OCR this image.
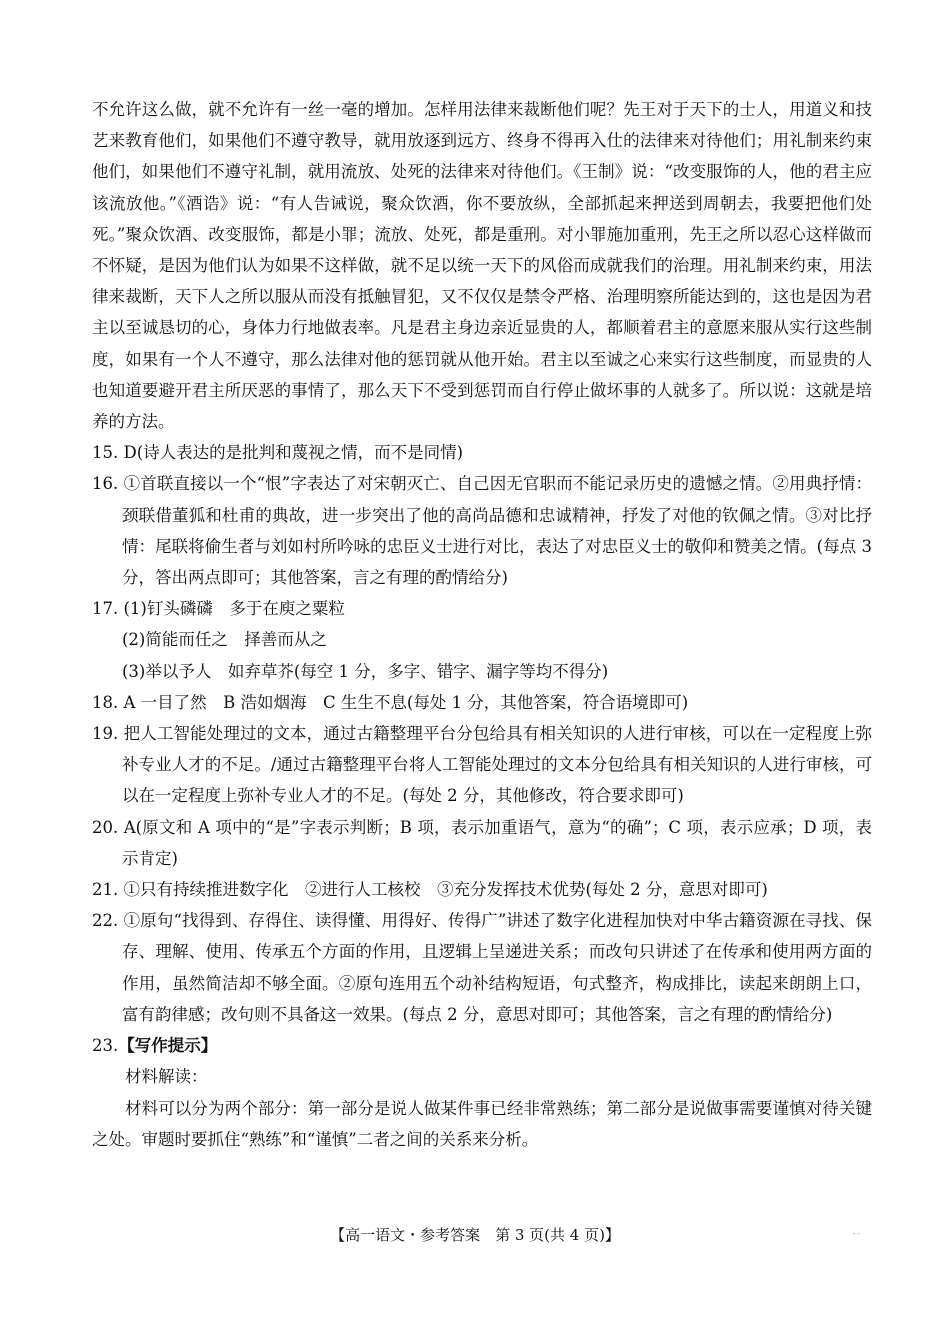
不允许这么做，就不允许有一丝一毫的增加。怎样用法律来裁断他们呢？先王对于天下的士人，用道义和技艺来教育他们，如果他们不遵守教导，就用放逐到远方、终身不得再入仕的法律来对待他们；用礼制来约束他们，如果他们不遵守礼制，就用流放、处死的法律来对待他们。《王制》说：“改变服饰的人，他的君主应该流放他。”《酒诰》说：“有人告诫说，聚众饮酒，你不要放纵，全部抓起来押送到周朝去，我要把他们处死。”聚众饮酒、改变服饰，都是小罪；流放、处死，都是重刑。对小罪施加重刑，先王之所以忍心这样做而不怀疑，是因为他们认为如果不这样做，就不足以统一天下的风俗而成就我们的治理。用礼制来约束，用法律来裁断，天下人之所以服从而没有抵触冒犯，又不仅仅是禁令严格、治理明察所能达到的，这也是因为君主以至诚恳切的心，身体力行地做表率。凡是君主身边亲近显贵的人，都顺着君主的意愿来服从实行这些制度，如果有一个人不遵守，那么法律对他的惩罚就从他开始。君主以至诚之心来实行这些制度，而显贵的人也知道要避开君主所厌恶的事情了，那么天下不受到惩罚而自行停止做坏事的人就多了。所以说：这就是培养的方法。

15. D(诗人表达的是批判和蔑视之情，而不是同情)

16. ①首联直接以一个“恨”字表达了对宋朝灭亡、自己因无官职而不能记录历史的遗憾之情。②用典抒情：颈联借董狐和杜甫的典故，进一步突出了他的高尚品德和忠诚精神，抒发了对他的钦佩之情。③对比抒情：尾联将偷生者与刘如村所吟咏的忠臣义士进行对比，表达了对忠臣义士的敬仰和赞美之情。(每点 3 分，答出两点即可；其他答案，言之有理的酌情给分)

17. (1)钉头磷磷　多于在庾之粟粒

(2)简能而任之　择善而从之

(3)举以予人　如弃草芥(每空 1 分，多字、错字、漏字等均不得分)

18. A 一目了然　B 浩如烟海　C 生生不息(每处 1 分，其他答案，符合语境即可)

19. 把人工智能处理过的文本，通过古籍整理平台分包给具有相关知识的人进行审核，可以在一定程度上弥补专业人才的不足。/通过古籍整理平台将人工智能处理过的文本分包给具有相关知识的人进行审核，可以在一定程度上弥补专业人才的不足。(每处 2 分，其他修改，符合要求即可)

20. A(原文和 A 项中的“是”字表示判断；B 项，表示加重语气，意为“的确”；C 项，表示应承；D 项，表示肯定)

21. ①只有持续推进数字化　②进行人工核校　③充分发挥技术优势(每处 2 分，意思对即可)

22. ①原句“找得到、存得住、读得懂、用得好、传得广”讲述了数字化进程加快对中华古籍资源在寻找、保存、理解、使用、传承五个方面的作用，且逻辑上呈递进关系；而改句只讲述了在传承和使用两方面的作用，虽然简洁却不够全面。②原句连用五个动补结构短语，句式整齐，构成排比，读起来朗朗上口，富有韵律感；改句则不具备这一效果。(每点 2 分，意思对即可；其他答案，言之有理的酌情给分)

23.【写作提示】

材料解读：

材料可以分为两个部分：第一部分是说人做某件事已经非常熟练；第二部分是说做事需要谨慎对待关键之处。审题时要抓住“熟练”和“谨慎”二者之间的关系来分析。

【高一语文・参考答案　第 3 页(共 4 页)】	- -
